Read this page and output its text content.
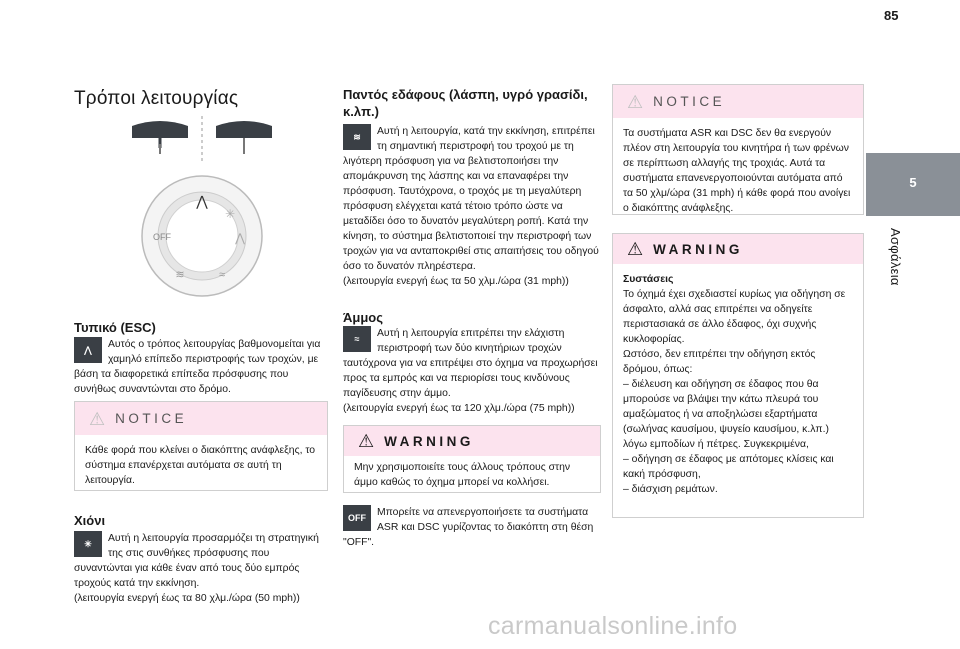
85
5
Ασφάλεια
Τρόποι λειτουργίας
⋀
✳
OFF	⋀
≋	≈
Τυπικό (ESC)
⋀	Αυτός ο τρόπος λειτουργίας βαθμονομείται για χαμηλό επίπεδο περιστροφής των τροχών, με βάση τα διαφορετικά επίπεδα πρόσφυσης που συνήθως συναντώνται στο δρόμο.
⚠ NOTICE
Κάθε φορά που κλείνει ο διακόπτης ανάφλεξης, το σύστημα επανέρχεται αυτόματα σε αυτή τη λειτουργία.
Χιόνι
✳	Αυτή η λειτουργία προσαρμόζει τη στρατηγική της στις συνθήκες πρόσφυσης που συναντώνται για κάθε έναν από τους δύο εμπρός τροχούς κατά την εκκίνηση.
(λειτουργία ενεργή έως τα 80 χλμ./ώρα (50 mph))
Παντός εδάφους (λάσπη, υγρό γρασίδι, κ.λπ.)
≋	Αυτή η λειτουργία, κατά την εκκίνηση, επιτρέπει τη σημαντική περιστροφή του τροχού με τη λιγότερη πρόσφυση για να βελτιστοποιήσει την απομάκρυνση της λάσπης και να επαναφέρει την πρόσφυση. Ταυτόχρονα, ο τροχός με τη μεγαλύτερη πρόσφυση ελέγχεται κατά τέτοιο τρόπο ώστε να μεταδίδει όσο το δυνατόν μεγαλύτερη ροπή. Κατά την κίνηση, το σύστημα βελτιστοποιεί την περιστροφή των τροχών για να ανταποκριθεί στις απαιτήσεις του οδηγού όσο το δυνατόν πληρέστερα.
(λειτουργία ενεργή έως τα 50 χλμ./ώρα (31 mph))
Άμμος
≈	Αυτή η λειτουργία επιτρέπει την ελάχιστη περιστροφή των δύο κινητήριων τροχών ταυτόχρονα για να επιτρέψει στο όχημα να προχωρήσει προς τα εμπρός και να περιορίσει τους κινδύνους παγίδευσης στην άμμο.
(λειτουργία ενεργή έως τα 120 χλμ./ώρα (75 mph))
⚠ WARNING
Μην χρησιμοποιείτε τους άλλους τρόπους στην άμμο καθώς το όχημα μπορεί να κολλήσει.
OFF	Μπορείτε να απενεργοποιήσετε τα συστήματα ASR και DSC γυρίζοντας το διακόπτη στη θέση "OFF".
⚠ NOTICE
Τα συστήματα ASR και DSC δεν θα ενεργούν πλέον στη λειτουργία του κινητήρα ή των φρένων σε περίπτωση αλλαγής της τροχιάς. Αυτά τα συστήματα επανενεργοποιούνται αυτόματα από τα 50 χλμ/ώρα (31 mph) ή κάθε φορά που ανοίγει ο διακόπτης ανάφλεξης.
⚠ WARNING
Συστάσεις
Το όχημά έχει σχεδιαστεί κυρίως για οδήγηση σε άσφαλτο, αλλά σας επιτρέπει να οδηγείτε περιστασιακά σε άλλο έδαφος, όχι συχνής κυκλοφορίας.
Ωστόσο, δεν επιτρέπει την οδήγηση εκτός δρόμου, όπως:
– διέλευση και οδήγηση σε έδαφος που θα μπορούσε να βλάψει την κάτω πλευρά του αμαξώματος ή να αποξηλώσει εξαρτήματα (σωλήνας καυσίμου, ψυγείο καυσίμου, κ.λπ.) λόγω εμποδίων ή πέτρες. Συγκεκριμένα,
– οδήγηση σε έδαφος με απότομες κλίσεις και κακή πρόσφυση,
– διάσχιση ρεμάτων.
carmanualsonline.info
